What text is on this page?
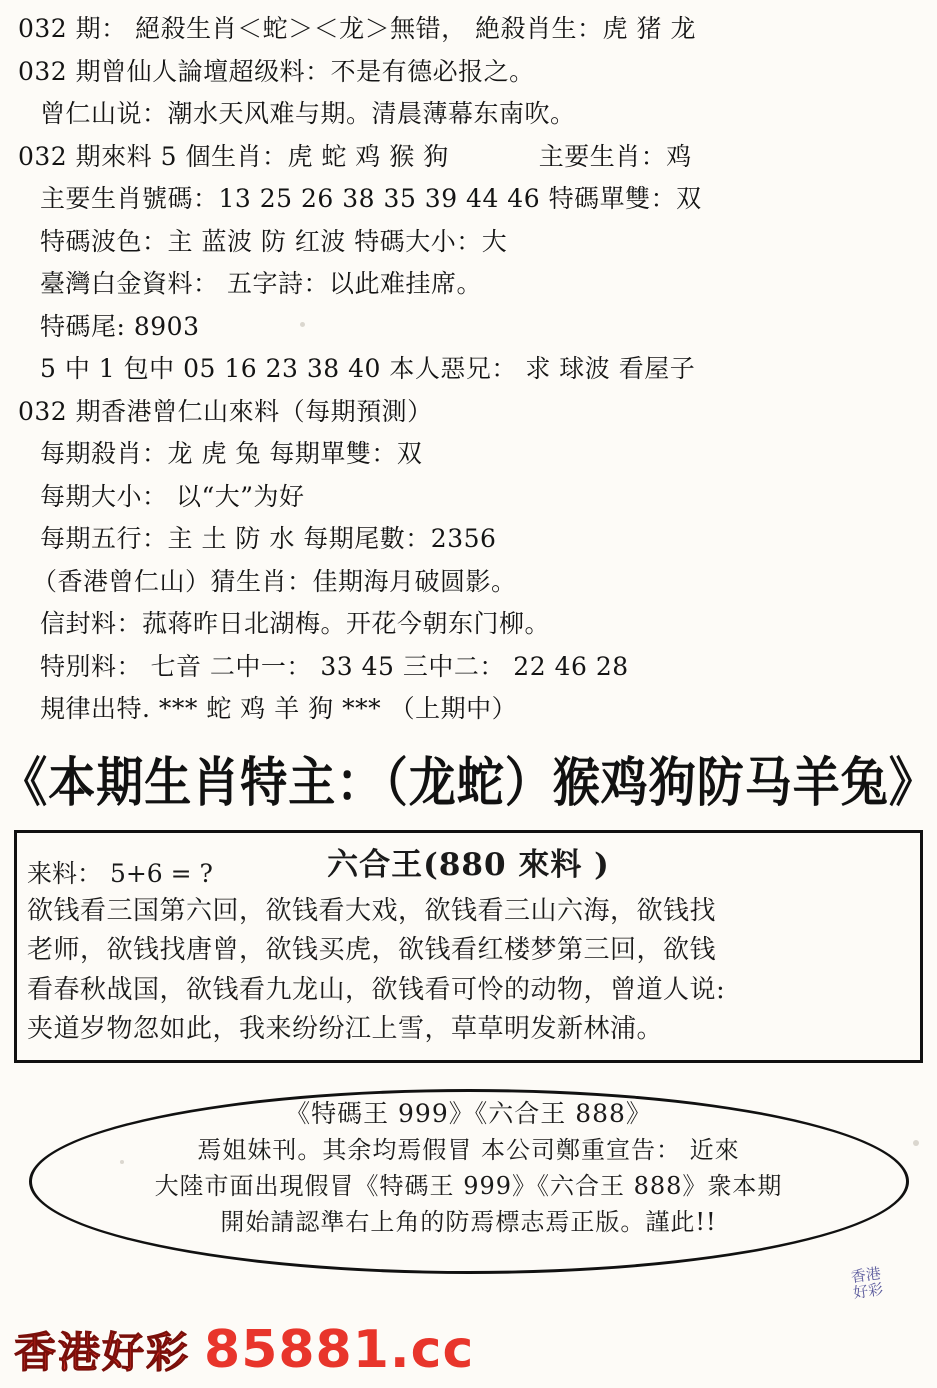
032 期： 絕殺生肖＜蛇＞＜龙＞無错， 絶殺肖生：虎 猪 龙
032 期曾仙人論壇超级料：不是有德必报之。
曾仁山说：潮水天风难与期。清晨薄幕东南吹。
032 期來料 5 個生肖：虎 蛇 鸡 猴 狗	主要生肖：鸡
主要生肖號碼：13 25 26 38 35 39 44 46 特碼單雙：双
特碼波色：主 蓝波 防 红波 特碼大小：大
臺灣白金資料： 五字詩：以此难挂席。
特碼尾: 8903
5 中 1 包中 05 16 23 38 40 本人惡兄： 求 球波 看屋子
032 期香港曾仁山來料（每期預測）
每期殺肖：龙 虎 兔 每期單雙：双
每期大小： 以“大”为好
每期五行：主 土 防 水 每期尾數：2356
（香港曾仁山）猜生肖：佳期海月破圆影。
信封料：菰蒋昨日北湖梅。开花今朝东门柳。
特別料： 七音 二中一： 33 45 三中二： 22 46 28
規律出特. *** 蛇 鸡 羊 狗 *** （上期中）
《本期生肖特主：（龙蛇）猴鸡狗防马羊兔》
六合王(880 來料 )
来料： 5+6 = ?
欲钱看三国第六回，欲钱看大戏，欲钱看三山六海，欲钱找
老师，欲钱找唐曾，欲钱买虎，欲钱看红楼梦第三回，欲钱
看春秋战国，欲钱看九龙山，欲钱看可怜的动物，曾道人说:
夹道岁物忽如此，我来纷纷江上雪，草草明发新林浦。
《特碼王 999》《六合王 888》
焉姐妹刊。其余均焉假冒 本公司鄭重宣告： 近來
大陸市面出現假冒《特碼王 999》《六合王 888》衆本期
開始請認準右上角的防焉標志焉正版。謹此!!
香港好彩
香港好彩 85881.cc
